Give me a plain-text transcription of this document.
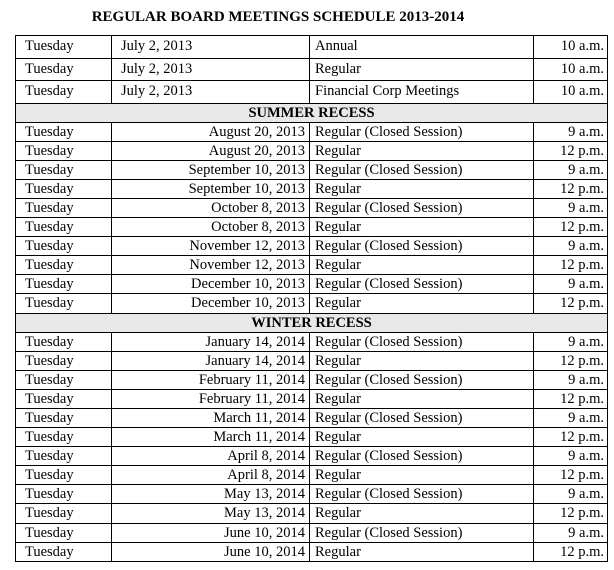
REGULAR BOARD MEETINGS SCHEDULE 2013-2014
Tuesday	July 2, 2013	Annual	10 a.m.
Tuesday	July 2, 2013	Regular	10 a.m.
Tuesday	July 2, 2013	Financial Corp Meetings	10 a.m.
SUMMER RECESS			
Tuesday	August 20, 2013	Regular (Closed Session)	9 a.m.
Tuesday	August 20, 2013	Regular	12 p.m.
Tuesday	September 10, 2013	Regular (Closed Session)	9 a.m.
Tuesday	September 10, 2013	Regular	12 p.m.
Tuesday	October 8, 2013	Regular (Closed Session)	9 a.m.
Tuesday	October 8, 2013	Regular	12 p.m.
Tuesday	November 12, 2013	Regular (Closed Session)	9 a.m.
Tuesday	November 12, 2013	Regular	12 p.m.
Tuesday	December 10, 2013	Regular (Closed Session)	9 a.m.
Tuesday	December 10, 2013	Regular	12 p.m.
WINTER RECESS			
Tuesday	January 14, 2014	Regular (Closed Session)	9 a.m.
Tuesday	January 14, 2014	Regular	12 p.m.
Tuesday	February 11, 2014	Regular (Closed Session)	9 a.m.
Tuesday	February 11, 2014	Regular	12 p.m.
Tuesday	March 11, 2014	Regular (Closed Session)	9 a.m.
Tuesday	March 11, 2014	Regular	12 p.m.
Tuesday	April 8, 2014	Regular (Closed Session)	9 a.m.
Tuesday	April 8, 2014	Regular	12 p.m.
Tuesday	May 13, 2014	Regular (Closed Session)	9 a.m.
Tuesday	May 13, 2014	Regular	12 p.m.
Tuesday	June 10, 2014	Regular (Closed Session)	9 a.m.
Tuesday	June 10, 2014	Regular	12 p.m.
